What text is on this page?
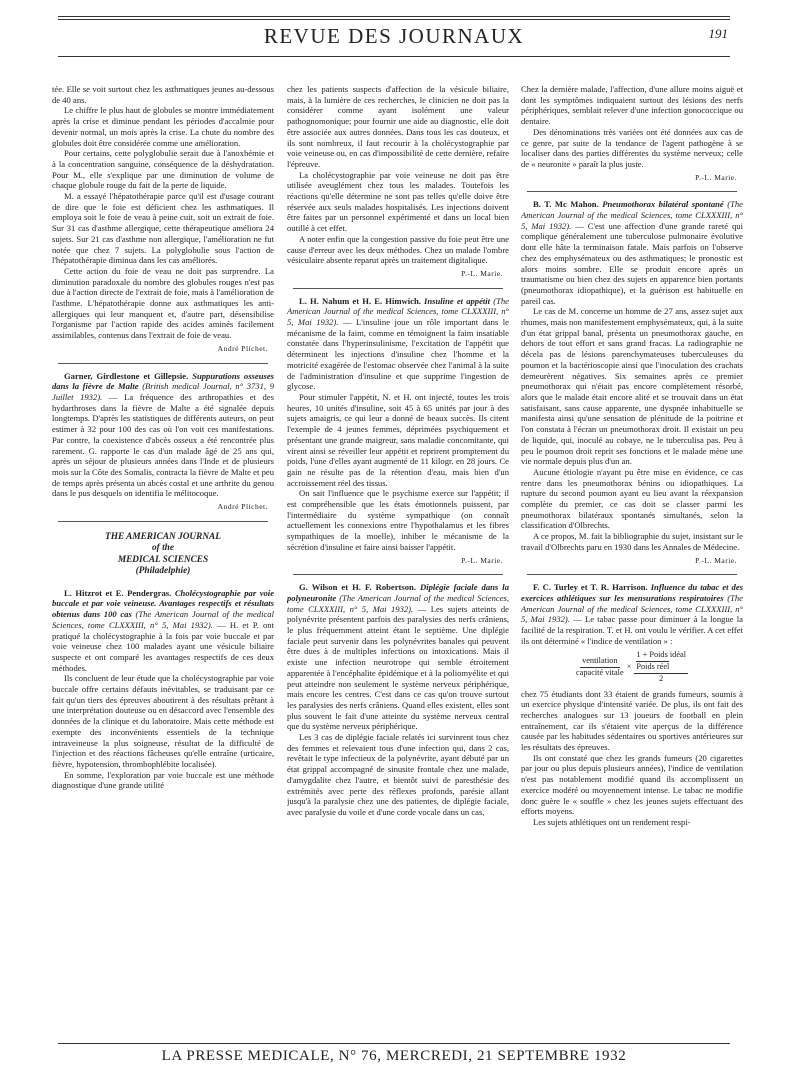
REVUE DES JOURNAUX	191

tée. Elle se voit surtout chez les asthmatiques jeunes au-dessous de 40 ans.

Le chiffre le plus haut de globules se montre immédiatement après la crise et diminue pendant les périodes d'accalmie pour devenir normal, un mois après la crise. La chute du nombre des globules doit être considérée comme une amélioration.

Pour certains, cette polyglobulie serait due à l'anoxhémie et à la concentration sanguine, conséquence de la déshydratation. Pour M., elle s'explique par une diminution de volume de chaque globule rouge du fait de la perte de liquide.

M. a essayé l'hépatothérapie parce qu'il est d'usage courant de dire que le foie est déficient chez les asthmatiques. Il employa soit le foie de veau à peine cuit, soit un extrait de foie. Sur 31 cas d'asthme allergique, cette thérapeutique améliora 24 sujets. Sur 21 cas d'asthme non allergique, l'amélioration ne fut notée que chez 7 sujets. La polyglobulie sous l'action de l'hépatothérapie diminua dans les cas améliorés.

Cette action du foie de veau ne doit pas surprendre. La diminution paradoxale du nombre des globules rouges n'est pas due à l'action directe de l'extrait de foie, mais à l'amélioration de l'asthme. L'hépatothérapie donne aux asthmatiques les anti-allergiques qui leur manquent et, d'autre part, désensibilise l'organisme par l'action rapide des acides aminés facilement assimilables, contenus dans l'extrait de foie de veau.

André Plichet.

Garner, Girdlestone et Gillepsie. Suppurations osseuses dans la fièvre de Malte (British medical Journal, n° 3731, 9 Juillet 1932). — La fréquence des arthropathies et des hydarthroses dans la fièvre de Malte a été signalée depuis longtemps. D'après les statistiques de différents auteurs, on peut estimer à 32 pour 100 des cas où l'on voit ces manifestations. Par contre, la coexistence d'abcès osseux a été rencontrée plus rarement. G. rapporte le cas d'un malade âgé de 25 ans qui, après un séjour de plusieurs années dans l'Inde et de plusieurs mois sur la Côte des Somalis, contracta la fièvre de Malte et peu de temps après présenta un abcès costal et une arthrite du genou dans le pus desquels on identifia le mélitocoque.

André Plichet.
THE AMERICAN JOURNAL
of the
MEDICAL SCIENCES
(Philadelphie)

L. Hitzrot et E. Pendergras. Cholécystographie par voie buccale et par voie veineuse. Avantages respectifs et résultats obtenus dans 100 cas (The American Journal of the medical Sciences, tome CLXXXIII, n° 5, Mai 1932). — H. et P. ont pratiqué la cholécystographie à la fois par voie buccale et par voie veineuse chez 100 malades ayant une vésicule biliaire suspecte et ont comparé les avantages respectifs de ces deux méthodes.

Ils concluent de leur étude que la cholécystographie par voie buccale offre certains défauts inévitables, se traduisant par ce fait qu'un tiers des épreuves aboutirent à des résultats prêtant à une interprétation douteuse ou en désaccord avec l'ensemble des données de la clinique et du laboratoire. Mais cette méthode est exempte des inconvénients essentiels de la technique intraveineuse la plus soigneuse, résultat de la difficulté de l'injection et des réactions fâcheuses qu'elle entraîne (urticaire, fièvre, hypotension, thrombophlébite localisée).

En somme, l'exploration par voie buccale est une méthode diagnostique d'une grande utilité

chez les patients suspects d'affection de la vésicule biliaire, mais, à la lumière de ces recherches, le clinicien ne doit pas la considérer comme ayant isolément une valeur pathognomonique; pour fournir une aide au diagnostic, elle doit être associée aux autres données. Dans tous les cas douteux, et ils sont nombreux, il faut recourir à la cholécystographie par voie veineuse ou, en cas d'impossibilité de cette dernière, refaire l'épreuve.

La cholécystographie par voie veineuse ne doit pas être utilisée aveuglément chez tous les malades. Toutefois les réactions qu'elle détermine ne sont pas telles qu'elle doive être réservée aux seuls malades hospitalisés. Les injections doivent être faites par un personnel expérimenté et dans un local bien outillé à cet effet.

A noter enfin que la congestion passive du foie peut être une cause d'erreur avec les deux méthodes. Chez un malade l'ombre vésiculaire absente reparut après un traitement digitalique.

P.-L. Marie.

L. H. Nahum et H. E. Himwich. Insuline et appétit (The American Journal of the medical Sciences, tome CLXXXIII, n° 5, Mai 1932). — L'insuline joue un rôle important dans le mécanisme de la faim, comme en témoignent la faim insatiable constatée dans l'hyperinsulinisme, l'excitation de l'appétit que déterminent les injections d'insuline chez l'homme et la motricité exagérée de l'estomac observée chez l'animal à la suite de l'administration d'insuline et que supprime l'ingestion de glycose.

Pour stimuler l'appétit, N. et H. ont injecté, toutes les trois heures, 10 unités d'insuline, soit 45 à 65 unités par jour à des sujets amaigris, ce qui leur a donné de beaux succès. Ils citent l'exemple de 4 jeunes femmes, déprimées psychiquement et présentant une grande maigreur, sans maladie concomitante, qui virent ainsi se réveiller leur appétit et reprirent promptement du poids, l'une d'elles ayant augmenté de 11 kilogr. en 28 jours. Ce gain ne résulte pas de la rétention d'eau, mais bien d'un accroissement réel des tissus.

On sait l'influence que le psychisme exerce sur l'appétit; il est compréhensible que les états émotionnels puissent, par l'intermédiaire du système sympathique (on connaît actuellement les connexions entre l'hypothalamus et les fibres sympathiques de la moelle), inhiber le mécanisme de la sécrétion d'insuline et faire ainsi baisser l'appétit.

P.-L. Marie.

G. Wilson et H. F. Robertson. Diplégie faciale dans la polyneuronite (The American Journal of the medical Sciences, tome CLXXXIII, n° 5, Mai 1932). — Les sujets atteints de polynévrite présentent parfois des paralysies des nerfs crâniens, le plus fréquemment atteint étant le septième. Une diplégie faciale peut survenir dans les polynévrites banales qui peuvent être dues à de multiples infections ou intoxications. Mais il existe une infection neurotrope qui semble étroitement apparentée à l'encéphalite épidémique et à la poliomyélite et qui peut atteindre non seulement le système nerveux périphérique, mais encore les centres. C'est dans ce cas qu'on trouve surtout les paralysies des nerfs crâniens. Quand elles existent, elles sont plus souvent le fait d'une atteinte du système nerveux central que du système nerveux périphérique.

Les 3 cas de diplégie faciale relatés ici survinrent tous chez des femmes et relevaient tous d'une infection qui, dans 2 cas, revêtait le type infectieux de la polynévrite, ayant débuté par un état grippal accompagné de sinusite frontale chez une malade, d'amygdalite chez l'autre, et bientôt suivi de paresthésie des extrémités avec perte des réflexes profonds, parésie allant jusqu'à la paralysie chez une des patientes, de diplégie faciale, avec paralysie du voile et d'une corde vocale dans un cas,

Chez la dernière malade, l'affection, d'une allure moins aiguë et dont les symptômes indiquaient surtout des lésions des nerfs périphériques, semblait relever d'une infection gonococcique ou dentaire.

Des dénominations très variées ont été données aux cas de ce genre, par suite de la tendance de l'agent pathogène à se localiser dans des parties différentes du système nerveux; celle de « neuronite » paraît la plus juste.

P.-L. Marie.

B. T. Mc Mahon. Pneumothorax bilatéral spontané (The American Journal of the medical Sciences, tome CLXXXIII, n° 5, Mai 1932). — C'est une affection d'une grande rareté qui complique généralement une tuberculose pulmonaire évolutive dont elle hâte la terminaison fatale. Mais parfois on l'observe chez des emphysémateux ou des asthmatiques; le pronostic est alors moins sombre. Elle se produit encore après un traumatisme ou bien chez des sujets en apparence bien portants (pneumothorax idiopathique), et la guérison est habituelle en pareil cas.

Le cas de M. concerne un homme de 27 ans, assez sujet aux rhumes, mais non manifestement emphysémateux, qui, à la suite d'un état grippal banal, présenta un pneumothorax gauche, en dehors de tout effort et sans grand fracas. La radiographie ne décela pas de lésions parenchymateuses tuberculeuses du poumon et la bactérioscopie ainsi que l'inoculation des crachats demeurèrent négatives. Six semaines après ce premier pneumothorax qui n'était pas encore complètement résorbé, alors que le malade était encore alité et se trouvait dans un état satisfaisant, sans cause apparente, une dyspnée inhabituelle se manifesta ainsi qu'une sensation de plénitude de la poitrine et l'on constata à l'écran un pneumothorax droit. Il existait un peu de liquide, qui, inoculé au cobaye, ne le tuberculisa pas. Peu à peu le poumon droit reprit ses fonctions et le malade mène une vie normale depuis plus d'un an.

Aucune étiologie n'ayant pu être mise en évidence, ce cas rentre dans les pneumothorax bénins ou idiopathiques. La rupture du second poumon ayant eu lieu avant la réexpansion complète du premier, ce cas doit se classer parmi les pneumothorax bilatéraux spontanés simultanés, selon la classification d'Olbrechts.

A ce propos, M. fait la bibliographie du sujet, insistant sur le travail d'Olbrechts paru en 1930 dans les Annales de Médecine.

P.-L. Marie.

F. C. Turley et T. R. Harrison. Influence du tabac et des exercices athlétiques sur les mensurations respiratoires (The American Journal of the medical Sciences, tome CLXXXIII, n° 5, Mai 1932). — Le tabac passe pour diminuer à la longue la facilité de la respiration. T. et H. ont voulu le vérifier. A cet effet ils ont déterminé « l'indice de ventilation » :

$\frac{\text{ventilation}}{\text{capacité vitale}}$ ×
1 + Poids idéal
Poids réel
2

chez 75 étudiants dont 33 étaient de grands fumeurs, soumis à un exercice physique d'intensité variée. De plus, ils ont fait des recherches analogues sur 13 joueurs de football en plein entraînement, car ils s'étaient vite aperçus de la différence causée par les habitudes sédentaires ou sportives antérieures sur les résultats des épreuves.

Ils ont constaté que chez les grands fumeurs (20 cigarettes par jour ou plus depuis plusieurs années), l'indice de ventilation n'est pas notablement modifié quand ils accomplissent un exercice modéré ou moyennement intense. Le tabac ne modifie donc guère le « souffle » chez les jeunes sujets effectuant des efforts moyens.

Les sujets athlétiques ont un rendement respi-

LA PRESSE MEDICALE, N° 76, MERCREDI, 21 SEPTEMBRE 1932
